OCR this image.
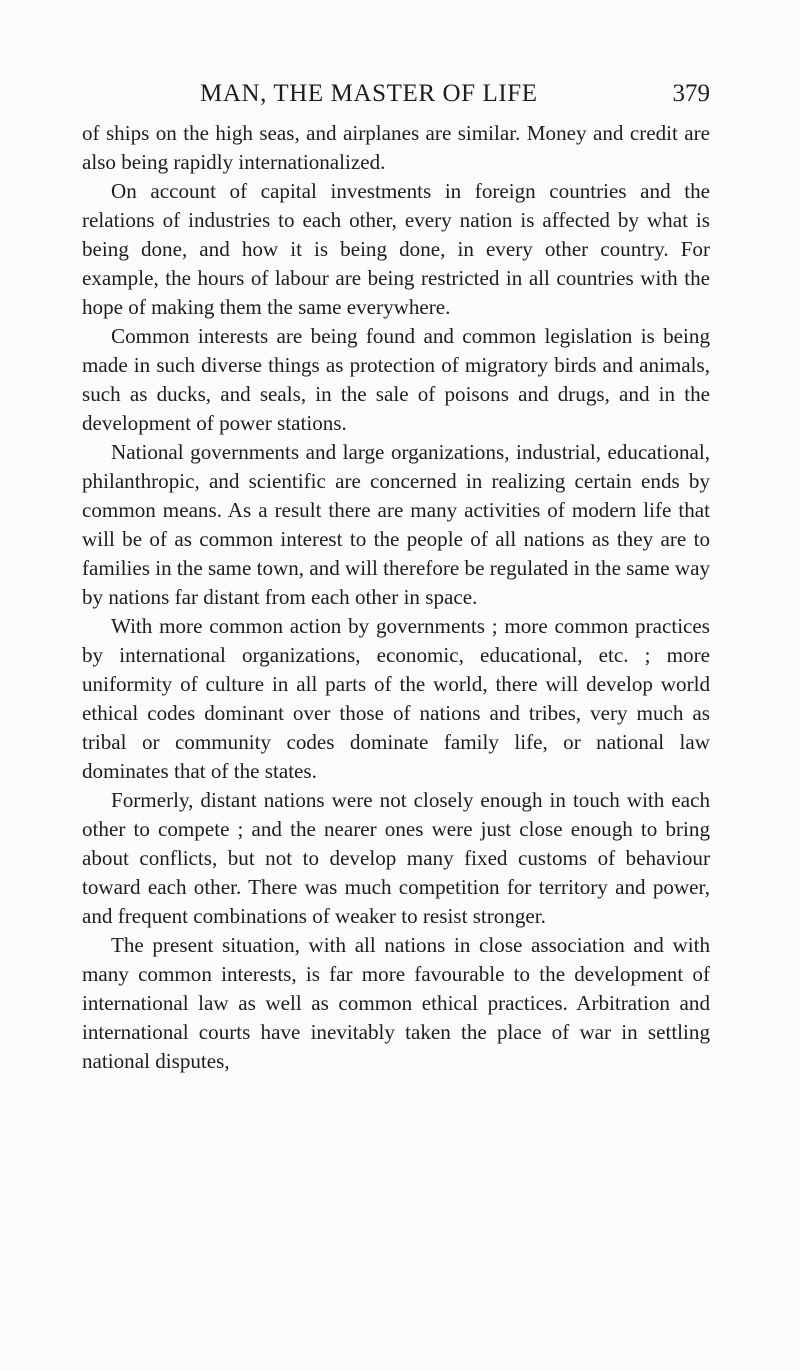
MAN, THE MASTER OF LIFE	379

of ships on the high seas, and airplanes are similar. Money and credit are also being rapidly internationalized.

On account of capital investments in foreign countries and the relations of industries to each other, every nation is affected by what is being done, and how it is being done, in every other country. For example, the hours of labour are being restricted in all countries with the hope of making them the same everywhere.

Common interests are being found and common legislation is being made in such diverse things as protection of migratory birds and animals, such as ducks, and seals, in the sale of poisons and drugs, and in the development of power stations.

National governments and large organizations, industrial, educational, philanthropic, and scientific are concerned in realizing certain ends by common means. As a result there are many activities of modern life that will be of as common interest to the people of all nations as they are to families in the same town, and will therefore be regulated in the same way by nations far distant from each other in space.

With more common action by governments ; more common practices by international organizations, economic, educational, etc. ; more uniformity of culture in all parts of the world, there will develop world ethical codes dominant over those of nations and tribes, very much as tribal or community codes dominate family life, or national law dominates that of the states.

Formerly, distant nations were not closely enough in touch with each other to compete ; and the nearer ones were just close enough to bring about conflicts, but not to develop many fixed customs of behaviour toward each other. There was much competition for territory and power, and frequent combinations of weaker to resist stronger.

The present situation, with all nations in close association and with many common interests, is far more favourable to the development of international law as well as common ethical practices. Arbitration and international courts have inevitably taken the place of war in settling national disputes,
